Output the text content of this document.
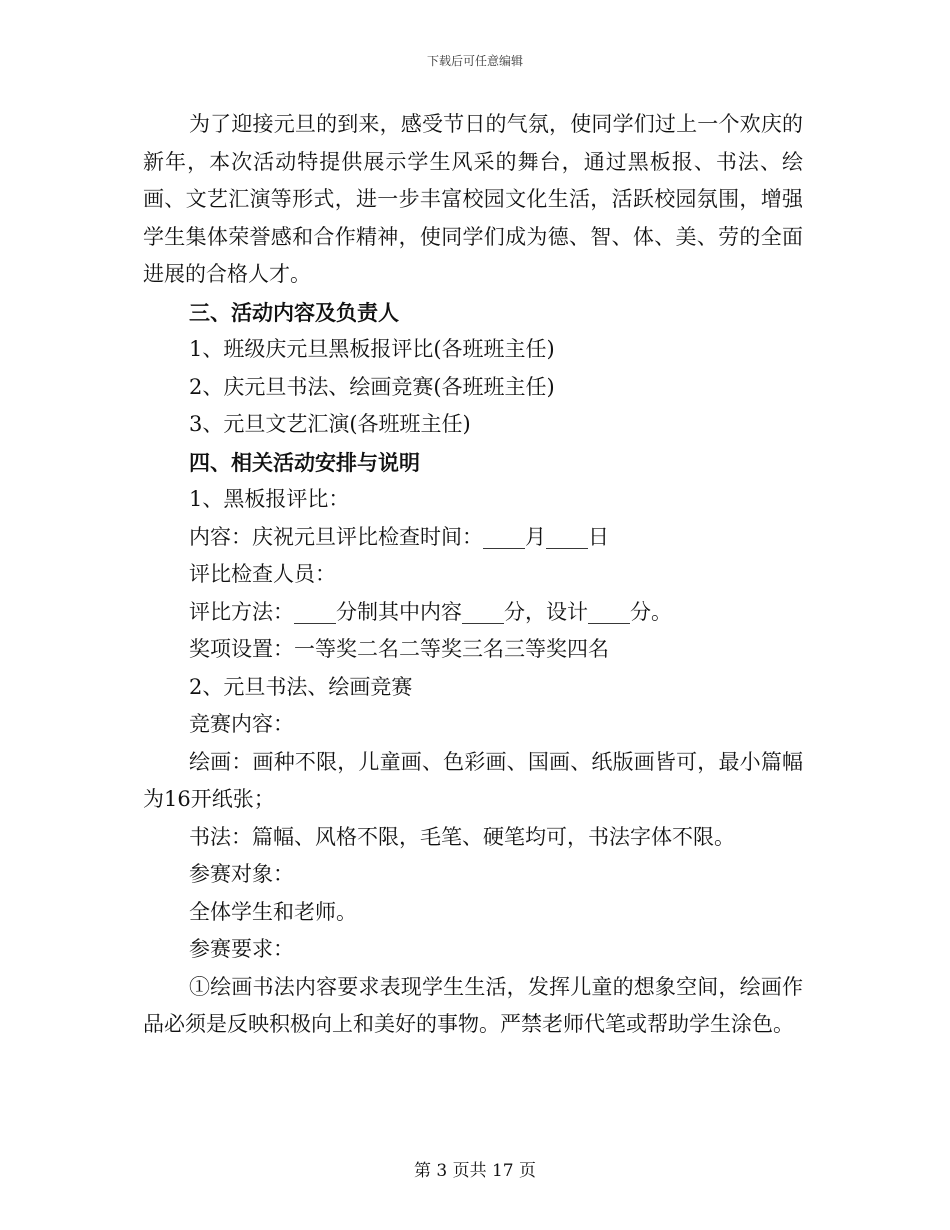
下载后可任意编辑

为了迎接元旦的到来，感受节日的气氛，使同学们过上一个欢庆的新年，本次活动特提供展示学生风采的舞台，通过黑板报、书法、绘画、文艺汇演等形式，进一步丰富校园文化生活，活跃校园氛围，增强学生集体荣誉感和合作精神，使同学们成为德、智、体、美、劳的全面进展的合格人才。

三、活动内容及负责人

1、班级庆元旦黑板报评比(各班班主任)

2、庆元旦书法、绘画竞赛(各班班主任)

3、元旦文艺汇演(各班班主任)

四、相关活动安排与说明

1、黑板报评比：

内容：庆祝元旦评比检查时间：____月____日

评比检查人员：

评比方法：____分制其中内容____分，设计____分。

奖项设置：一等奖二名二等奖三名三等奖四名

2、元旦书法、绘画竞赛

竞赛内容：

绘画：画种不限，儿童画、色彩画、国画、纸版画皆可，最小篇幅为16开纸张；

书法：篇幅、风格不限，毛笔、硬笔均可，书法字体不限。

参赛对象：

全体学生和老师。

参赛要求：

①绘画书法内容要求表现学生生活，发挥儿童的想象空间，绘画作品必须是反映积极向上和美好的事物。严禁老师代笔或帮助学生涂色。

第 3 页共 17 页
